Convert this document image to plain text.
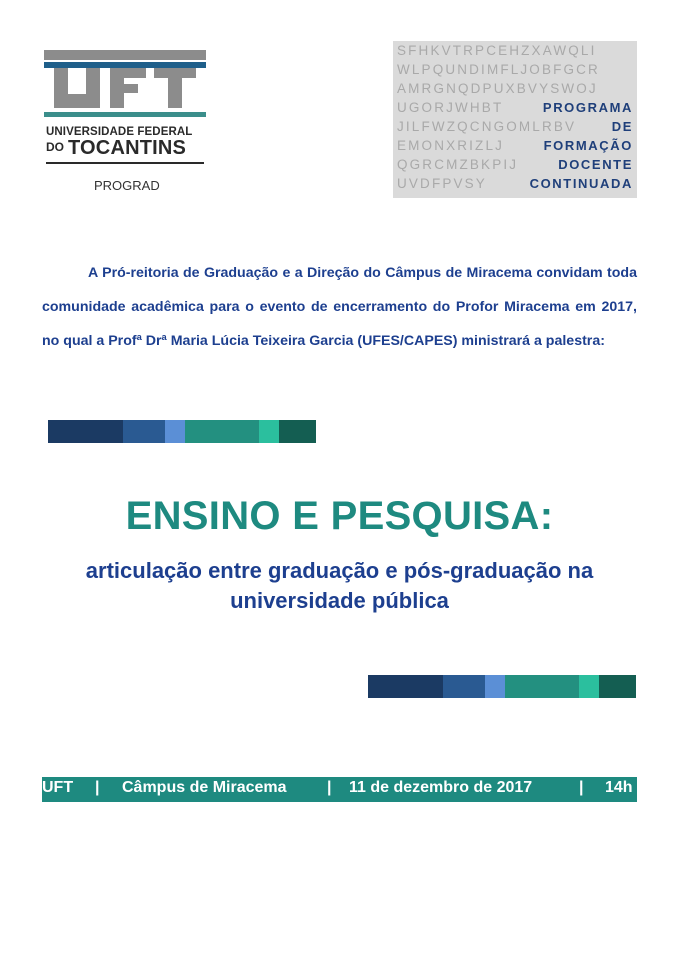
UNIVERSIDADE FEDERAL
DO TOCANTINS
PROGRAD
SFHKVTRPCEHZXAWQLI
WLPQUNDIMFLJOBFGCR
AMRGNQDPUXBVYSWOJ
UGORJWHBT	PROGRAMA
JILFWZQCNGOMLRBV	DE
EMONXRIZLJ	FORMAÇÃO
QGRCMZBKPIJ	DOCENTE
UVDFPVSY	CONTINUADA
A Pró-reitoria de Graduação e a Direção do Câmpus de Miracema convidam toda comunidade acadêmica para o evento de encerramento do Profor Miracema em 2017, no qual a Profª Drª Maria Lúcia Teixeira Garcia (UFES/CAPES) ministrará a palestra:
ENSINO E PESQUISA:
articulação entre graduação e pós-graduação na universidade pública
UFT | Câmpus de Miracema	| 11 de dezembro de 2017	| 14h
